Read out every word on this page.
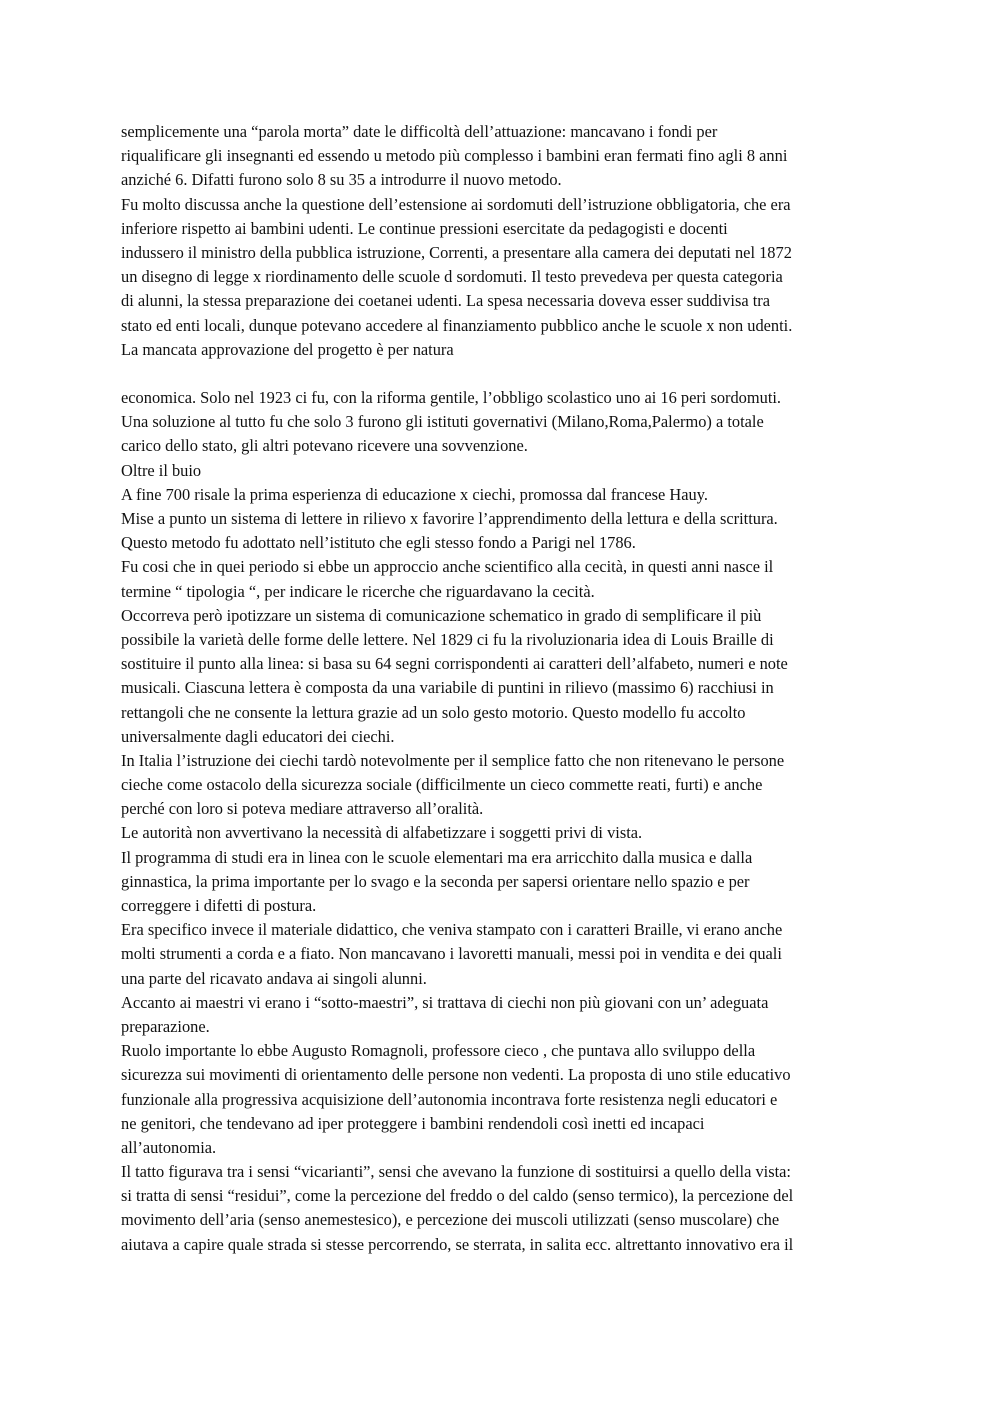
semplicemente una “parola morta” date le difficoltà dell’attuazione: mancavano i fondi per
riqualificare gli insegnanti ed essendo u metodo più complesso i bambini eran fermati fino agli 8 anni
anziché 6. Difatti furono solo 8 su 35 a introdurre il nuovo metodo.
Fu molto discussa anche la questione dell’estensione ai sordomuti dell’istruzione obbligatoria, che era
inferiore rispetto ai bambini udenti. Le continue pressioni esercitate da pedagogisti e docenti
indussero il ministro della pubblica istruzione, Correnti, a presentare alla camera dei deputati nel 1872
un disegno di legge x riordinamento delle scuole d sordomuti. Il testo prevedeva per questa categoria
di alunni, la stessa preparazione dei coetanei udenti. La spesa necessaria doveva esser suddivisa tra
stato ed enti locali, dunque potevano accedere al finanziamento pubblico anche le scuole x non udenti.
La mancata approvazione del progetto è per natura
economica. Solo nel 1923 ci fu, con la riforma gentile, l’obbligo scolastico uno ai 16 peri sordomuti.
Una soluzione al tutto fu che solo 3 furono gli istituti governativi (Milano,Roma,Palermo) a totale
carico dello stato, gli altri potevano ricevere una sovvenzione.
Oltre il buio
A fine 700 risale la prima esperienza di educazione x ciechi, promossa dal francese Hauy.
Mise a punto un sistema di lettere in rilievo x favorire l’apprendimento della lettura e della scrittura.
Questo metodo fu adottato nell’istituto che egli stesso fondo a Parigi nel 1786.
Fu cosi che in quei periodo si ebbe un approccio anche scientifico alla cecità, in questi anni nasce il
termine “ tipologia “, per indicare le ricerche che riguardavano la cecità.
Occorreva però ipotizzare un sistema di comunicazione schematico in grado di semplificare il più
possibile la varietà delle forme delle lettere. Nel 1829 ci fu la rivoluzionaria idea di Louis Braille di
sostituire il punto alla linea: si basa su 64 segni corrispondenti ai caratteri dell’alfabeto, numeri e note
musicali. Ciascuna lettera è composta da una variabile di puntini in rilievo (massimo 6) racchiusi in
rettangoli che ne consente la lettura grazie ad un solo gesto motorio. Questo modello fu accolto
universalmente dagli educatori dei ciechi.
In Italia l’istruzione dei ciechi tardò notevolmente per il semplice fatto che non ritenevano le persone
cieche come ostacolo della sicurezza sociale (difficilmente un cieco commette reati, furti) e anche
perché con loro si poteva mediare attraverso all’oralità.
Le autorità non avvertivano la necessità di alfabetizzare i soggetti privi di vista.
Il programma di studi era in linea con le scuole elementari ma era arricchito dalla musica e dalla
ginnastica, la prima importante per lo svago e la seconda per sapersi orientare nello spazio e per
correggere i difetti di postura.
Era specifico invece il materiale didattico, che veniva stampato con i caratteri Braille, vi erano anche
molti strumenti a corda e a fiato. Non mancavano i lavoretti manuali, messi poi in vendita e dei quali
una parte del ricavato andava ai singoli alunni.
Accanto ai maestri vi erano i “sotto-maestri”, si trattava di ciechi non più giovani con un’ adeguata
preparazione.
Ruolo importante lo ebbe Augusto Romagnoli, professore cieco , che puntava allo sviluppo della
sicurezza sui movimenti di orientamento delle persone non vedenti. La proposta di uno stile educativo
funzionale alla progressiva acquisizione dell’autonomia incontrava forte resistenza negli educatori e
ne genitori, che tendevano ad iper proteggere i bambini rendendoli così inetti ed incapaci
all’autonomia.
Il tatto figurava tra i sensi “vicarianti”, sensi che avevano la funzione di sostituirsi a quello della vista:
si tratta di sensi “residui”, come la percezione del freddo o del caldo (senso termico), la percezione del
movimento dell’aria (senso anemestesico), e percezione dei muscoli utilizzati (senso muscolare) che
aiutava a capire quale strada si stesse percorrendo, se sterrata, in salita ecc. altrettanto innovativo era il
